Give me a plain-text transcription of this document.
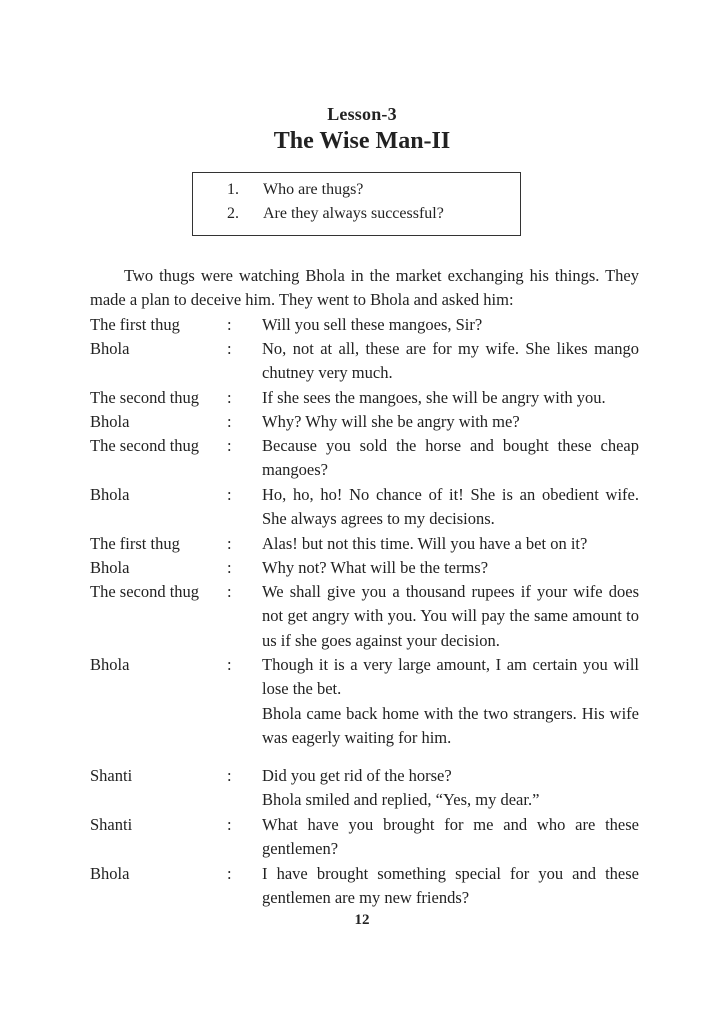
Lesson-3
The Wise Man-II
1. Who are thugs?
2. Are they always successful?

Two thugs were watching Bhola in the market exchanging his things. They made a plan to deceive him. They went to Bhola and asked him:

The first thug	: Will you sell these mangoes, Sir?
Bhola	: No, not at all, these are for my wife. She likes mango chutney very much.
The second thug : If she sees the mangoes, she will be angry with you.
Bhola	: Why? Why will she be angry with me?
The second thug : Because you sold the horse and bought these cheap mangoes?
Bhola	: Ho, ho, ho! No chance of it! She is an obedient wife. She always agrees to my decisions.
The first thug	: Alas! but not this time. Will you have a bet on it?
Bhola	: Why not? What will be the terms?
The second thug : We shall give you a thousand rupees if your wife does not get angry with you. You will pay the same amount to us if she goes against your decision.
Bhola	: Though it is a very large amount, I am certain you will lose the bet.
Bhola came back home with the two strangers. His wife was eagerly waiting for him.
Shanti	: Did you get rid of the horse?
Bhola smiled and replied, “Yes, my dear.”
Shanti	: What have you brought for me and who are these gentlemen?
Bhola	: I have brought something special for you and these gentlemen are my new friends?
12
